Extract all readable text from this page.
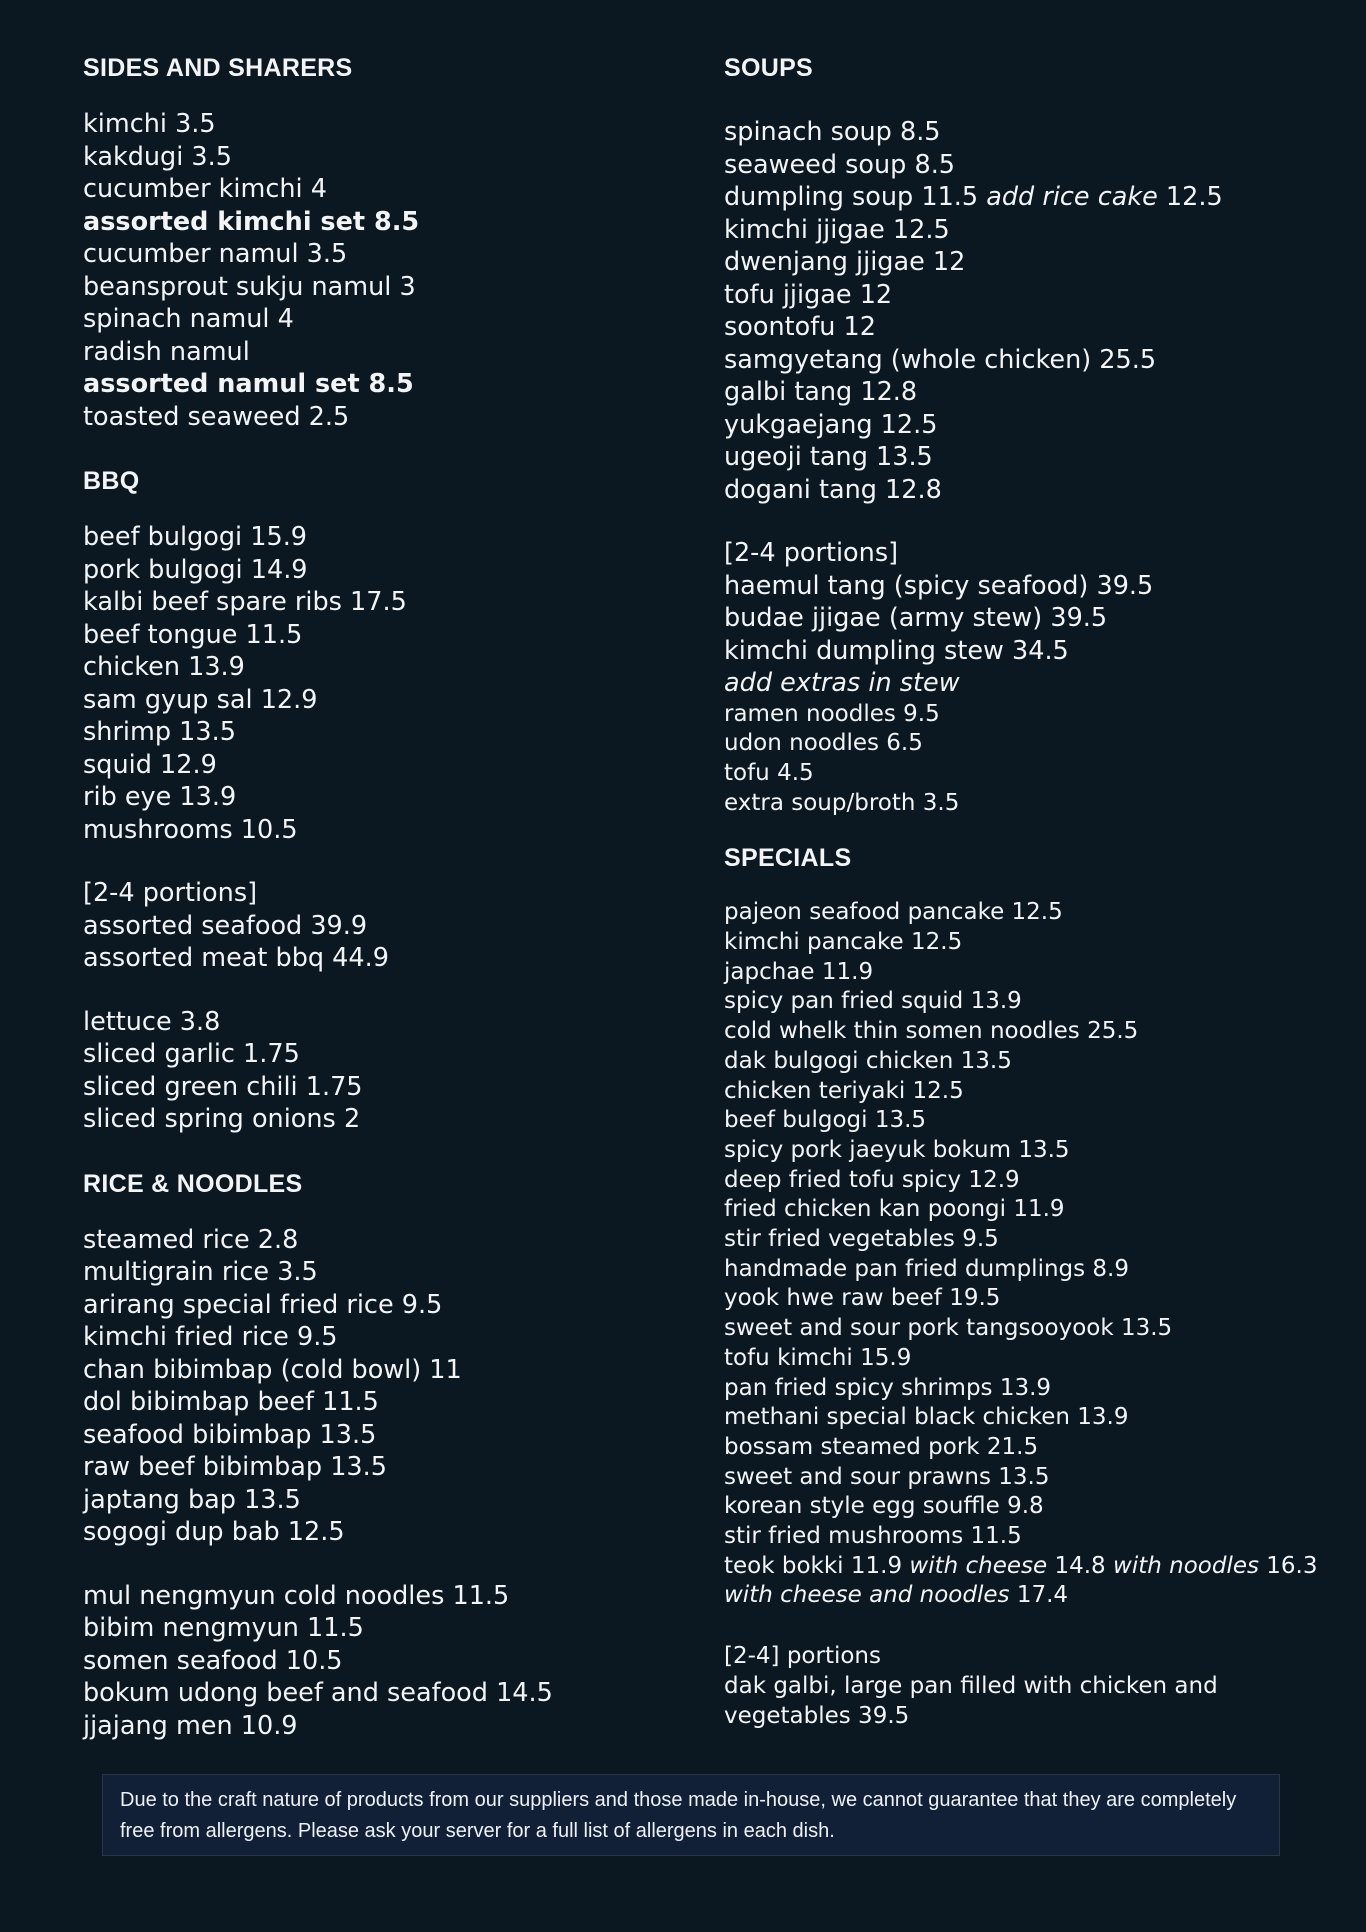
SIDES AND SHARERS
kimchi 3.5
kakdugi 3.5
cucumber kimchi 4
assorted kimchi set 8.5
cucumber namul 3.5
beansprout sukju namul 3
spinach namul 4
radish namul
assorted namul set 8.5
toasted seaweed 2.5
BBQ
beef bulgogi 15.9
pork bulgogi 14.9
kalbi beef spare ribs 17.5
beef tongue 11.5
chicken 13.9
sam gyup sal 12.9
shrimp 13.5
squid 12.9
rib eye 13.9
mushrooms 10.5
[2-4 portions]
assorted seafood 39.9
assorted meat bbq 44.9
lettuce 3.8
sliced garlic 1.75
sliced green chili 1.75
sliced spring onions 2
RICE & NOODLES
steamed rice 2.8
multigrain rice 3.5
arirang special fried rice 9.5
kimchi fried rice 9.5
chan bibimbap (cold bowl) 11
dol bibimbap beef 11.5
seafood bibimbap 13.5
raw beef bibimbap 13.5
japtang bap 13.5
sogogi dup bab 12.5
mul nengmyun cold noodles 11.5
bibim nengmyun 11.5
somen seafood 10.5
bokum udong beef and seafood 14.5
jjajang men 10.9
SOUPS
spinach soup 8.5
seaweed soup 8.5
dumpling soup 11.5 add rice cake 12.5
kimchi jjigae 12.5
dwenjang jjigae 12
tofu jjigae 12
soontofu 12
samgyetang (whole chicken) 25.5
galbi tang 12.8
yukgaejang 12.5
ugeoji tang 13.5
dogani tang 12.8
[2-4 portions]
haemul tang (spicy seafood) 39.5
budae jjigae (army stew) 39.5
kimchi dumpling stew 34.5
add extras in stew
ramen noodles 9.5
udon noodles 6.5
tofu 4.5
extra soup/broth 3.5
SPECIALS
pajeon seafood pancake 12.5
kimchi pancake 12.5
japchae 11.9
spicy pan fried squid 13.9
cold whelk thin somen noodles 25.5
dak bulgogi chicken 13.5
chicken teriyaki 12.5
beef bulgogi 13.5
spicy pork jaeyuk bokum 13.5
deep fried tofu spicy 12.9
fried chicken kan poongi 11.9
stir fried vegetables 9.5
handmade pan fried dumplings 8.9
yook hwe raw beef 19.5
sweet and sour pork tangsooyook 13.5
tofu kimchi 15.9
pan fried spicy shrimps 13.9
methani special black chicken 13.9
bossam steamed pork 21.5
sweet and sour prawns 13.5
korean style egg souffle 9.8
stir fried mushrooms 11.5
teok bokki 11.9 with cheese 14.8 with noodles 16.3 with cheese and noodles 17.4
[2-4] portions
dak galbi, large pan filled with chicken and vegetables 39.5
Due to the craft nature of products from our suppliers and those made in-house, we cannot guarantee that they are completely free from allergens. Please ask your server for a full list of allergens in each dish.
